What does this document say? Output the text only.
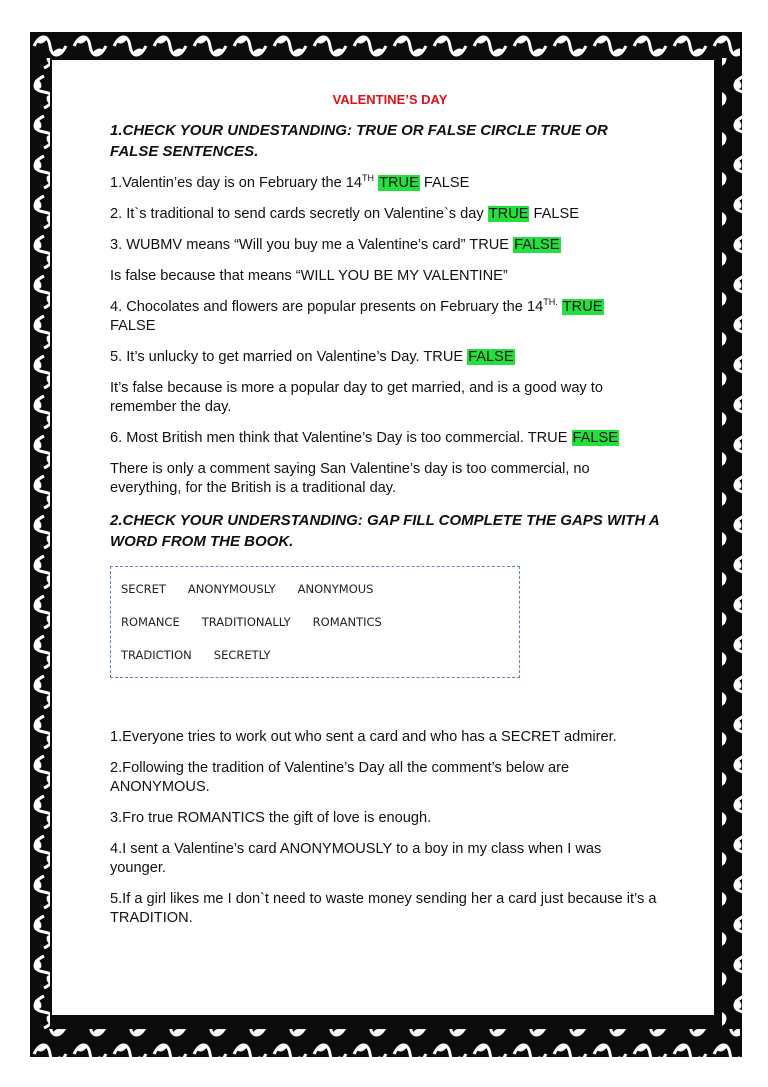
VALENTINE’S DAY
1.CHECK YOUR UNDESTANDING: TRUE OR FALSE CIRCLE TRUE OR FALSE SENTENCES.

1.Valentin’es day is on February the 14TH TRUE FALSE

2. It`s traditional to send cards secretly on Valentine`s day TRUE FALSE

3. WUBMV means “Will you buy me a Valentine’s card” TRUE FALSE

Is false because that means “WILL YOU BE MY VALENTINE”

4. Chocolates and flowers are popular presents on February the $14^{TH.}$ TRUE
FALSE

5. It’s unlucky to get married on Valentine’s Day. TRUE FALSE

It’s false because is more a popular day to get married, and is a good way to remember the day.

6. Most British men think that Valentine’s Day is too commercial. TRUE FALSE

There is only a comment saying San Valentine’s day is too commercial, no everything, for the British is a traditional day.

2.CHECK YOUR UNDERSTANDING: GAP FILL COMPLETE THE GAPS WITH A WORD FROM THE BOOK.
SECRET ANONYMOUSLY ANONYMOUS
ROMANCE TRADITIONALLY ROMANTICS
TRADICTION SECRETLY

1.Everyone tries to work out who sent a card and who has a SECRET admirer.

2.Following the tradition of Valentine’s Day all the comment’s below are ANONYMOUS.

3.Fro true ROMANTICS the gift of love is enough.

4.I sent a Valentine’s card ANONYMOUSLY to a boy in my class when I was younger.

5.If a girl likes me I don`t need to waste money sending her a card just because it’s a TRADITION.
